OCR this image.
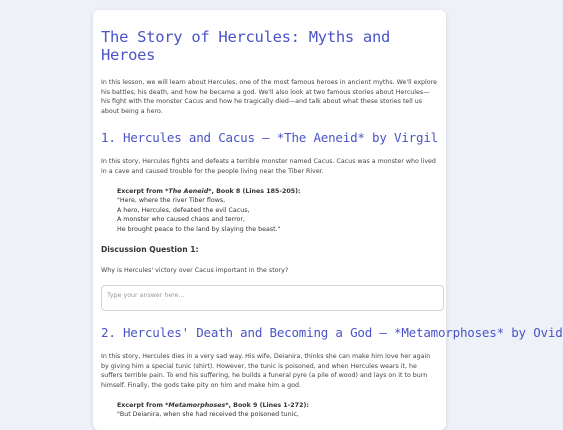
The Story of Hercules: Myths and Heroes

In this lesson, we will learn about Hercules, one of the most famous heroes in ancient myths. We'll explore his battles, his death, and how he became a god. We'll also look at two famous stories about Hercules—his fight with the monster Cacus and how he tragically died—and talk about what these stories tell us about being a hero.

1. Hercules and Cacus – *The Aeneid* by Virgil

In this story, Hercules fights and defeats a terrible monster named Cacus. Cacus was a monster who lived in a cave and caused trouble for the people living near the Tiber River.

Excerpt from *The Aeneid*, Book 8 (Lines 185-205):
"Here, where the river Tiber flows,
A hero, Hercules, defeated the evil Cacus,
A monster who caused chaos and terror,
He brought peace to the land by slaying the beast."
Discussion Question 1:

Why is Hercules' victory over Cacus important in the story?

Type your answer here...
2. Hercules' Death and Becoming a God – *Metamorphoses* by Ovid

In this story, Hercules dies in a very sad way. His wife, Deianira, thinks she can make him love her again by giving him a special tunic (shirt). However, the tunic is poisoned, and when Hercules wears it, he suffers terrible pain. To end his suffering, he builds a funeral pyre (a pile of wood) and lays on it to burn himself. Finally, the gods take pity on him and make him a god.

Excerpt from *Metamorphoses*, Book 9 (Lines 1-272):
"But Deianira, when she had received the poisoned tunic,
